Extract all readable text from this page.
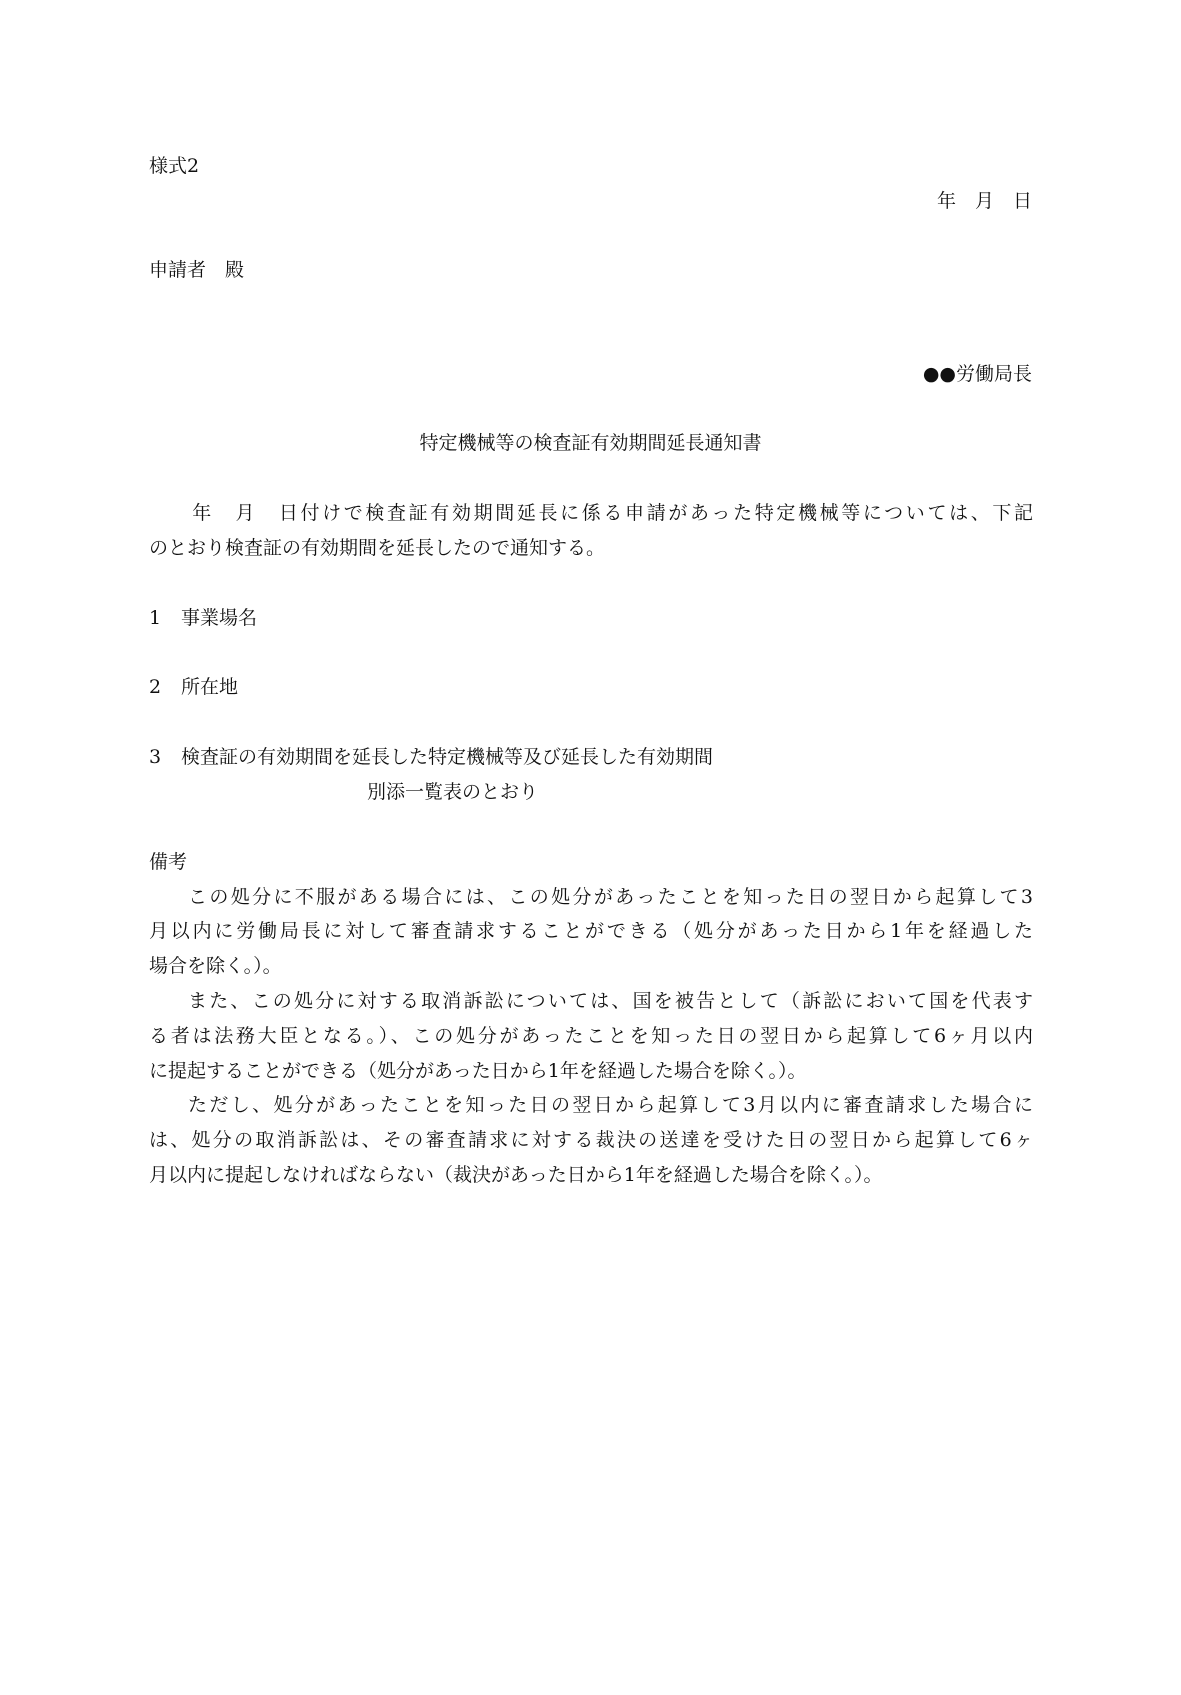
様式2
年　月　日
申請者　殿
●●労働局長
特定機械等の検査証有効期間延長通知書
　　年　月　日付けで検査証有効期間延長に係る申請があった特定機械等については、下記
のとおり検査証の有効期間を延長したので通知する。
1 事業場名
2 所在地
3 検査証の有効期間を延長した特定機械等及び延長した有効期間
別添一覧表のとおり
備考
この処分に不服がある場合には、この処分があったことを知った日の翌日から起算して3
月以内に労働局長に対して審査請求することができる（処分があった日から1年を経過した
場合を除く。）。
また、この処分に対する取消訴訟については、国を被告として（訴訟において国を代表す
る者は法務大臣となる。）、この処分があったことを知った日の翌日から起算して6ヶ月以内
に提起することができる（処分があった日から1年を経過した場合を除く。）。
ただし、処分があったことを知った日の翌日から起算して3月以内に審査請求した場合に
は、処分の取消訴訟は、その審査請求に対する裁決の送達を受けた日の翌日から起算して6ヶ
月以内に提起しなければならない（裁決があった日から1年を経過した場合を除く。）。
